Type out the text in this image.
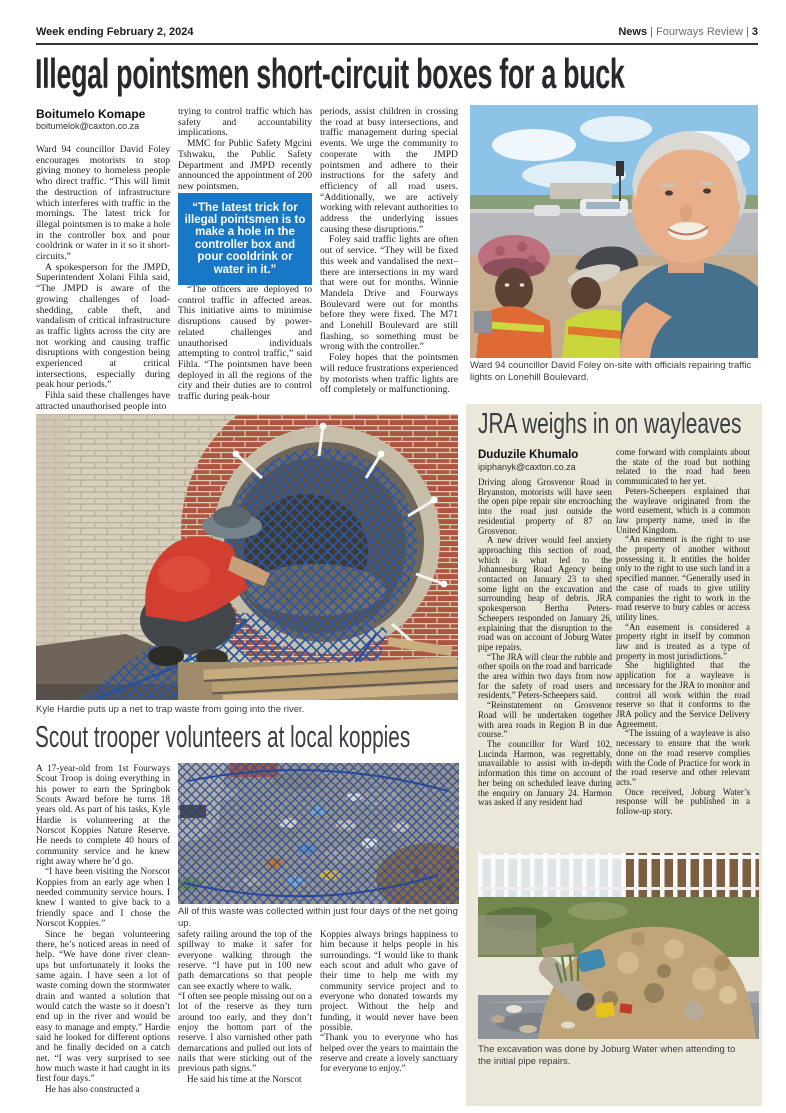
Week ending February 2, 2024	News | Fourways Review | 3
Illegal pointsmen short-circuit boxes for a buck
Boitumelo Komape
boitumelok@caxton.co.za

Ward 94 councillor David Foley encourages motorists to stop giving money to homeless people who direct traffic. “This will limit the destruction of infrastructure which interferes with traffic in the mornings. The latest trick for illegal pointsmen is to make a hole in the controller box and pour cooldrink or water in it so it short-circuits.”

A spokesperson for the JMPD, Superintendent Xolani Fihla said, “The JMPD is aware of the growing challenges of load-shedding, cable theft, and vandalism of critical infrastructure as traffic lights across the city are not working and causing traffic disruptions with congestion being experienced at critical intersections, especially during peak hour periods.”

Fihla said these challenges have attracted unauthorised people into

trying to control traffic which has safety and accountability implications.

MMC for Public Safety Mgcini Tshwaku, the Public Safety Department and JMPD recently announced the appointment of 200 new pointsmen.

“The latest trick for illegal pointsmen is to make a hole in the controller box and pour cooldrink or water in it.”

“The officers are deployed to control traffic in affected areas. This initiative aims to minimise disruptions caused by power-related challenges and unauthorised individuals attempting to control traffic,” said Fihla. “The pointsmen have been deployed in all the regions of the city and their duties are to control traffic during peak-hour

periods, assist children in crossing the road at busy intersections, and traffic management during special events. We urge the community to cooperate with the JMPD pointsmen and adhere to their instructions for the safety and efficiency of all road users. “Additionally, we are actively working with relevant authorities to address the underlying issues causing these disruptions.”

Foley said traffic lights are often out of service. “They will be fixed this week and vandalised the next–there are intersections in my ward that were out for months. Winnie Mandela Drive and Fourways Boulevard were out for months before they were fixed. The M71 and Lonehill Boulevard are still flashing, so something must be wrong with the controller.”

Foley hopes that the pointsmen will reduce frustrations experienced by motorists when traffic lights are off completely or malfunctioning.

Ward 94 councillor David Foley on-site with officials repairing traffic lights on Lonehill Boulevard.
Kyle Hardie puts up a net to trap waste from going into the river.
Scout trooper volunteers at local koppies

A 17-year-old from 1st Fourways Scout Troop is doing everything in his power to earn the Springbok Scouts Award before he turns 18 years old. As part of his tasks, Kyle Hardie is volunteering at the Norscot Koppies Nature Reserve. He needs to complete 40 hours of community service and he knew right away where he’d go.

“I have been visiting the Norscot Koppies from an early age when I needed community service hours. I knew I wanted to give back to a friendly space and I chose the Norscot Koppies.”

Since he began volunteering there, he’s noticed areas in need of help. “We have done river clean-ups but unfortunately it looks the same again. I have seen a lot of waste coming down the stormwater drain and wanted a solution that would catch the waste so it doesn’t end up in the river and would be easy to manage and empty.” Hardie said he looked for different options and he finally decided on a catch net. “I was very surprised to see how much waste it had caught in its first four days.”

He has also constructed a

All of this waste was collected within just four days of the net going up.

safety railing around the top of the spillway to make it safer for everyone walking through the reserve. “I have put in 100 new path demarcations so that people can see exactly where to walk.

“I often see people missing out on a lot of the reserve as they turn around too early, and they don’t enjoy the bottom part of the reserve. I also varnished other path demarcations and pulled out lots of nails that were sticking out of the previous path signs.”

He said his time at the Norscot

Koppies always brings happiness to him because it helps people in his surroundings. “I would like to thank each scout and adult who gave of their time to help me with my community service project and to everyone who donated towards my project. Without the help and funding, it would never have been possible.

“Thank you to everyone who has helped over the years to maintain the reserve and create a lovely sanctuary for everyone to enjoy.”

JRA weighs in on wayleaves
Duduzile Khumalo
ipiphanyk@caxton.co.za

Driving along Grosvenor Road in Bryanston, motorists will have seen the open pipe repair site encroaching into the road just outside the residential property of 87 on Grosvenor.

A new driver would feel anxiety approaching this section of road, which is what led to the Johannesburg Road Agency being contacted on January 23 to shed some light on the excavation and surrounding heap of debris. JRA spokesperson Bertha Peters-Scheepers responded on January 26, explaining that the disruption to the road was on account of Joburg Water pipe repairs.

“The JRA will clear the rubble and other spoils on the road and barricade the area within two days from now for the safety of road users and residents,” Peters-Scheepers said.

“Reinstatement on Grosvenor Road will be undertaken together with area roads in Region B in due course.”

The councillor for Ward 102, Lucinda Harmon, was regrettably, unavailable to assist with in-depth information this time on account of her being on scheduled leave during the enquiry on January 24. Harmon was asked if any resident had

come forward with complaints about the state of the road but nothing related to the road had been communicated to her yet.

Peters-Scheepers explained that the wayleave originated from the word easement, which is a common law property name, used in the United Kingdom.

“An easement is the right to use the property of another without possessing it. It entitles the holder only to the right to use such land in a specified manner. “Generally used in the case of roads to give utility companies the right to work in the road reserve to bury cables or access utility lines.

“An easement is considered a property right in itself by common law and is treated as a type of property in most jurisdictions.”

She highlighted that the application for a wayleave is necessary for the JRA to monitor and control all work within the road reserve so that it conforms to the JRA policy and the Service Delivery Agreement.

“The issuing of a wayleave is also necessary to ensure that the work done on the road reserve complies with the Code of Practice for work in the road reserve and other relevant acts.”

Once received, Joburg Water’s response will be published in a follow-up story.

The excavation was done by Joburg Water when attending to the initial pipe repairs.
